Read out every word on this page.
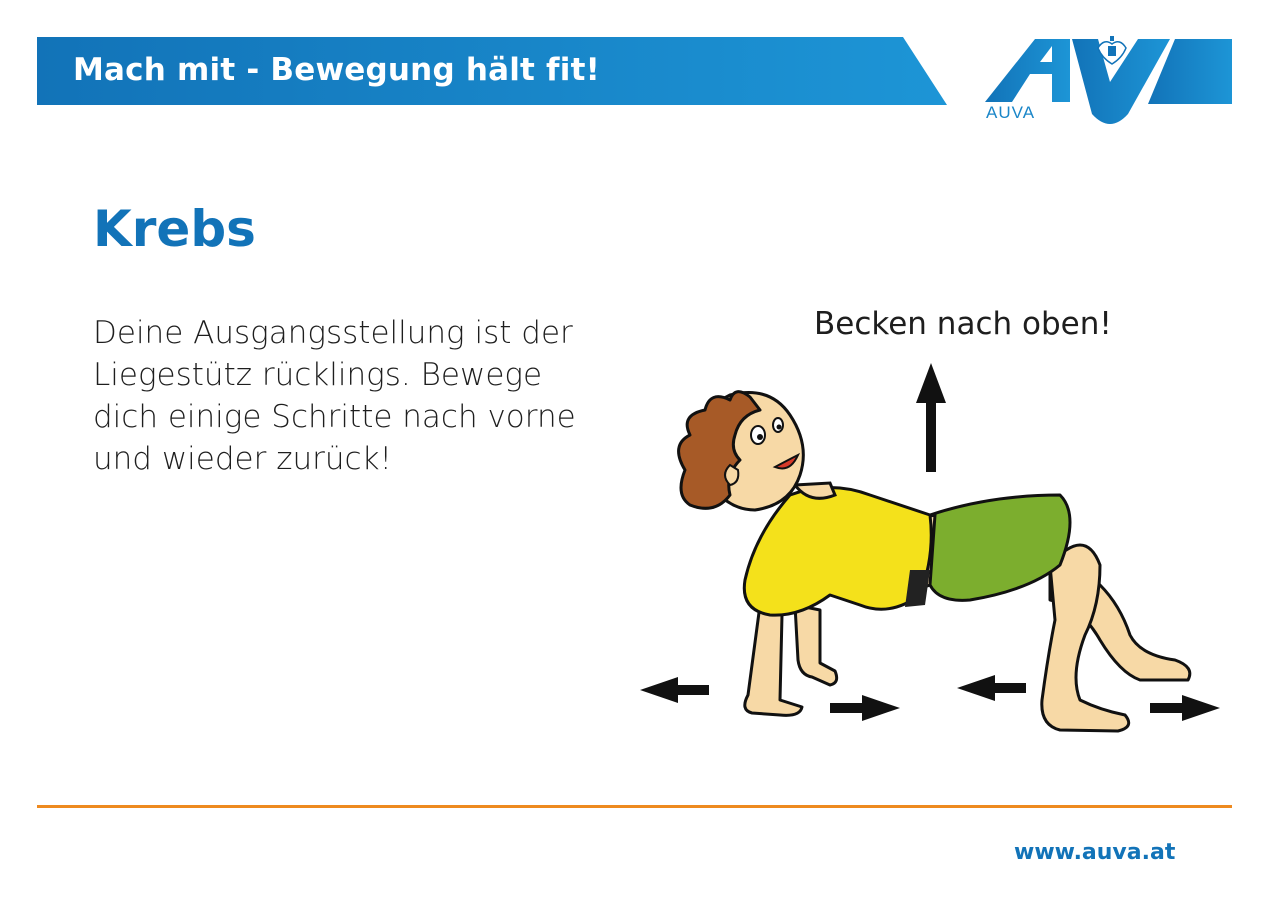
Mach mit - Bewegung hält fit!
AUVA
Krebs

Deine Ausgangsstellung ist der Liegestütz rücklings. Bewege dich einige Schritte nach vorne und wieder zurück!

Becken nach oben!

www.auva.at
